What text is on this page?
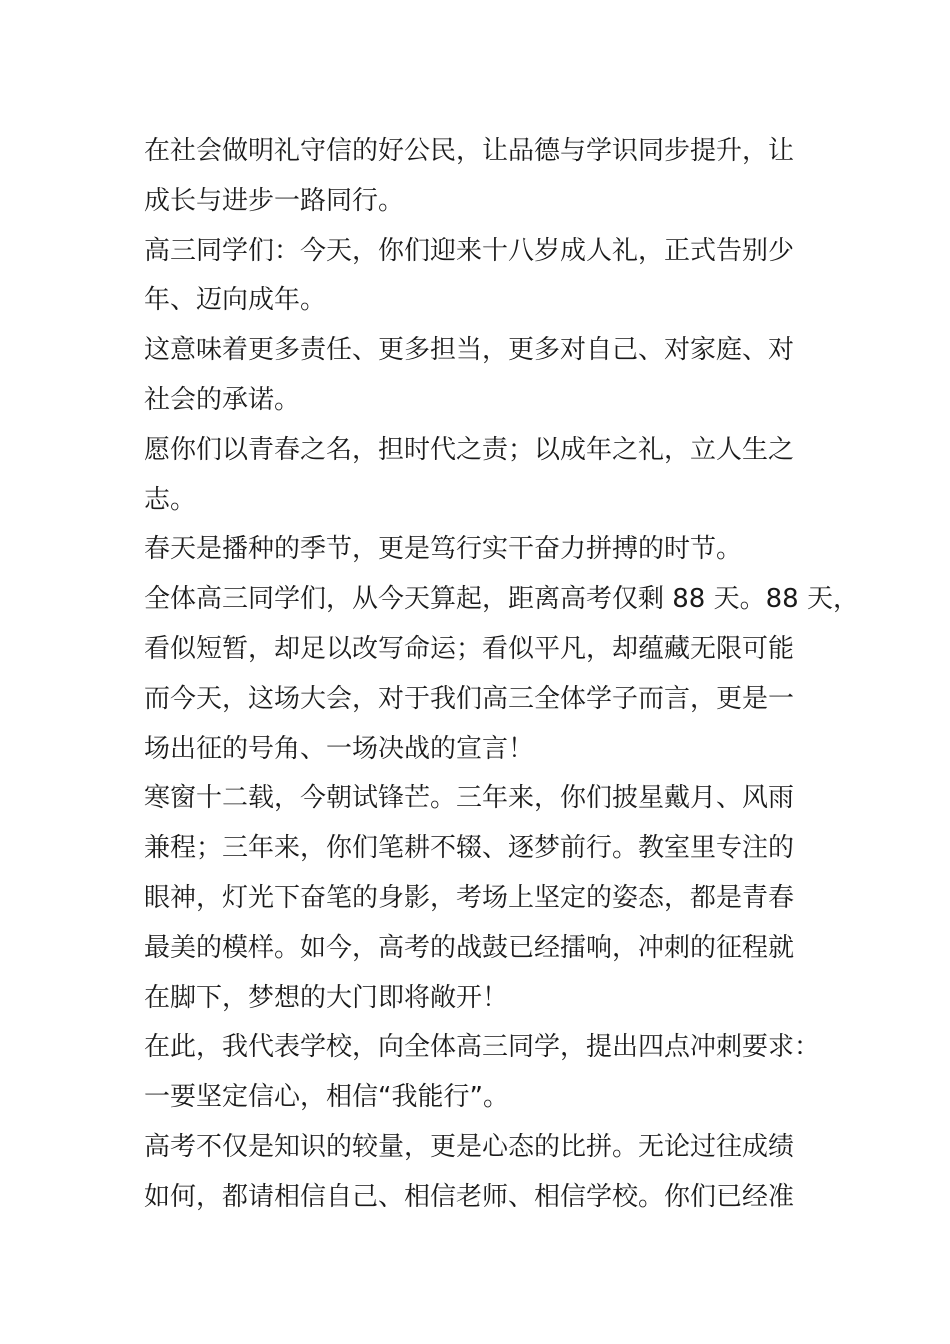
在社会做明礼守信的好公民，让品德与学识同步提升，让
成长与进步一路同行。
高三同学们：今天，你们迎来十八岁成人礼，正式告别少
年、迈向成年。
这意味着更多责任、更多担当，更多对自己、对家庭、对
社会的承诺。
愿你们以青春之名，担时代之责；以成年之礼，立人生之
志。
春天是播种的季节，更是笃行实干奋力拼搏的时节。
全体高三同学们，从今天算起，距离高考仅剩 88 天。88 天，
看似短暂，却足以改写命运；看似平凡，却蕴藏无限可能
而今天，这场大会，对于我们高三全体学子而言，更是一
场出征的号角、一场决战的宣言！
寒窗十二载，今朝试锋芒。三年来，你们披星戴月、风雨
兼程；三年来，你们笔耕不辍、逐梦前行。教室里专注的
眼神，灯光下奋笔的身影，考场上坚定的姿态，都是青春
最美的模样。如今，高考的战鼓已经擂响，冲刺的征程就
在脚下，梦想的大门即将敞开！
在此，我代表学校，向全体高三同学，提出四点冲刺要求：
一要坚定信心，相信“我能行”。
高考不仅是知识的较量，更是心态的比拼。无论过往成绩
如何，都请相信自己、相信老师、相信学校。你们已经准
